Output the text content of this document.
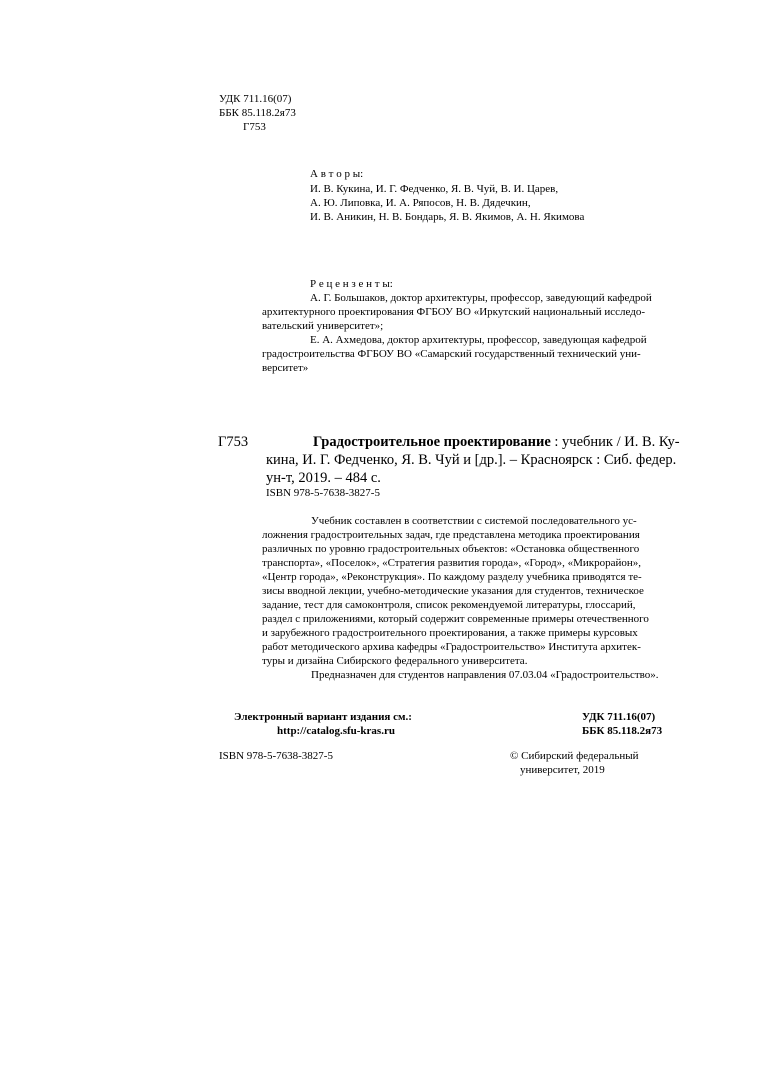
УДК 711.16(07)
ББК 85.118.2я73
Г753
А в т о р ы:
И. В. Кукина, И. Г. Федченко, Я. В. Чуй, В. И. Царев,
А. Ю. Липовка, И. А. Ряпосов, Н. В. Дядечкин,
И. В. Аникин, Н. В. Бондарь, Я. В. Якимов, А. Н. Якимова
Р е ц е н з е н т ы:
А. Г. Большаков, доктор архитектуры, профессор, заведующий кафедрой
архитектурного проектирования ФГБОУ ВО «Иркутский национальный исследо-
вательский университет»;
Е. А. Ахмедова, доктор архитектуры, профессор, заведующая кафедрой
градостроительства ФГБОУ ВО «Самарский государственный технический уни-
верситет»
Г753	Градостроительное проектирование : учебник / И. В. Ку-
кина, И. Г. Федченко, Я. В. Чуй и [др.]. – Красноярск : Сиб. федер.
ун-т, 2019. – 484 с.
ISBN 978-5-7638-3827-5
Учебник составлен в соответствии с системой последовательного ус-
ложнения градостроительных задач, где представлена методика проектирования
различных по уровню градостроительных объектов: «Остановка общественного
транспорта», «Поселок», «Стратегия развития города», «Город», «Микрорайон»,
«Центр города», «Реконструкция». По каждому разделу учебника приводятся те-
зисы вводной лекции, учебно-методические указания для студентов, техническое
задание, тест для самоконтроля, список рекомендуемой литературы, глоссарий,
раздел с приложениями, который содержит современные примеры отечественного
и зарубежного градостроительного проектирования, а также примеры курсовых
работ методического архива кафедры «Градостроительство» Институтa архитек-
туры и дизайна Сибирского федерального университета.
Предназначен для студентов направления 07.03.04 «Градостроительство».
Электронный вариант издания см.:
http://catalog.sfu-kras.ru
УДК 711.16(07)
ББК 85.118.2я73
ISBN 978-5-7638-3827-5	© Сибирский федеральный
университет, 2019
